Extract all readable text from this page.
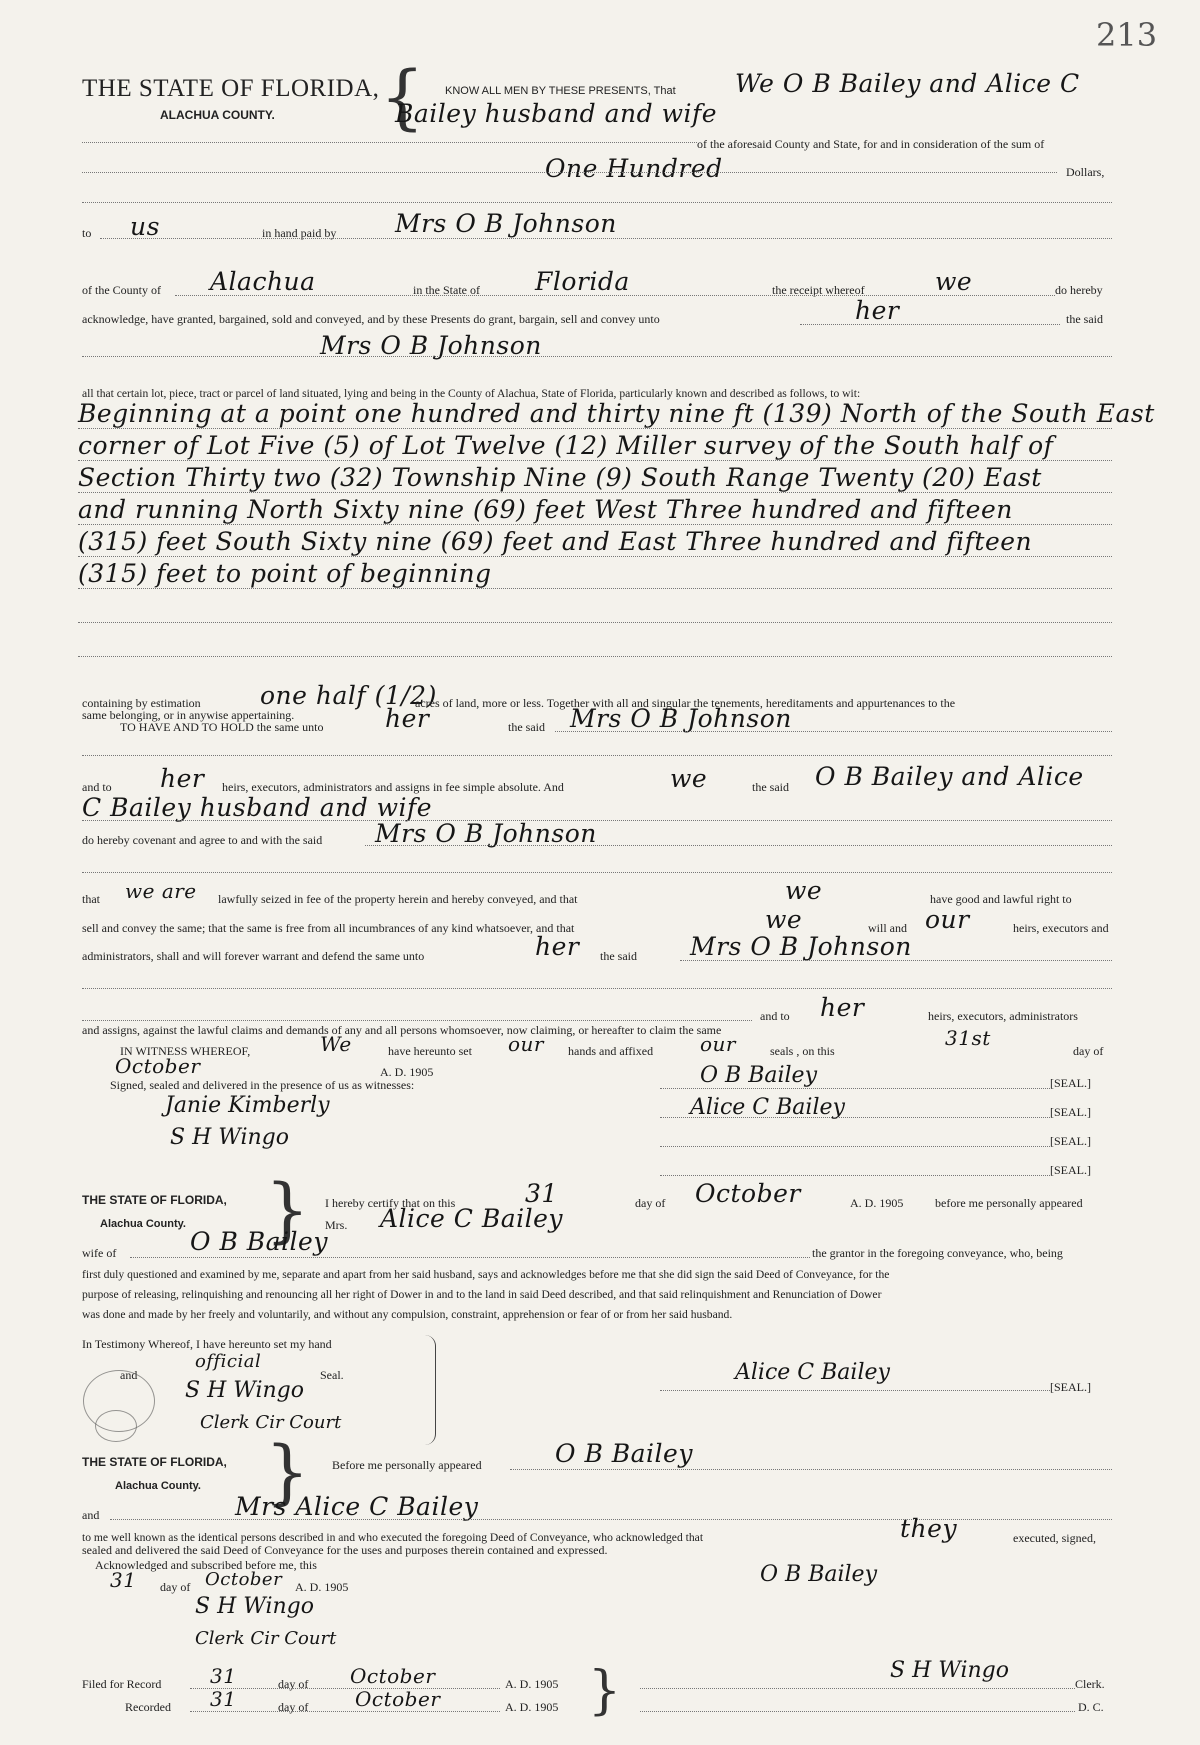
213
THE STATE OF FLORIDA,
ALACHUA COUNTY. { KNOW ALL MEN BY THESE PRESENTS, That We O B Bailey and Alice C
Bailey husband and wife
of the aforesaid County and State, for and in consideration of the sum of
One Hundred	Dollars,
to us	in hand paid by Mrs O B Johnson
of the County of Alachua	in the State of Florida	the receipt whereof	we	do hereby
acknowledge, have granted, bargained, sold and conveyed, and by these Presents do grant, bargain, sell and convey unto	her	the said
Mrs O B Johnson
all that certain lot, piece, tract or parcel of land situated, lying and being in the County of Alachua, State of Florida, particularly known and described as follows, to wit:
Beginning at a point one hundred and thirty nine ft (139) North of the South East
corner of Lot Five (5) of Lot Twelve (12) Miller survey of the South half of
Section Thirty two (32) Township Nine (9) South Range Twenty (20) East
and running North Sixty nine (69) feet West Three hundred and fifteen
(315) feet South Sixty nine (69) feet and East Three hundred and fifteen
(315) feet to point of beginning
containing by estimation one half (1/2)
acres of land, more or less. Together with all and singular the tenements, hereditaments and appurtenances to the
same belonging, or in anywise appertaining.
TO HAVE AND TO HOLD the same unto her	the said Mrs O B Johnson
and to her heirs, executors, administrators and assigns in fee simple absolute. And	we	the said O B Bailey and Alice
C Bailey husband and wife
do hereby covenant and agree to and with the said Mrs O B Johnson
that we are lawfully seized in fee of the property herein and hereby conveyed, and that	we	have good and lawful right to
sell and convey the same; that the same is free from all incumbrances of any kind whatsoever, and that	we	will and our	heirs, executors and
administrators, shall and will forever warrant and defend the same unto	her the said Mrs O B Johnson
and to her	heirs, executors, administrators
and assigns, against the lawful claims and demands of any and all persons whomsoever, now claiming, or hereafter to claim the same
IN WITNESS WHEREOF,	We	have hereunto set our hands and affixed our	seals , on this
31st
day of
October	A. D. 1905
Signed, sealed and delivered in the presence of us as witnesses:
Janie Kimberly
S H Wingo
O B Bailey
Alice C Bailey
[SEAL.]
[SEAL.]
[SEAL.]
[SEAL.]
THE STATE OF FLORIDA,
Alachua County. } I hereby certify that on this	31	day of October	A. D. 1905	before me personally appeared
Mrs. Alice C Bailey
wife of	O B Bailey	the grantor in the foregoing conveyance, who, being
first duly questioned and examined by me, separate and apart from her said husband, says and acknowledges before me that she did sign the said Deed of Conveyance, for the
purpose of releasing, relinquishing and renouncing all her right of Dower in and to the land in said Deed described, and that said relinquishment and Renunciation of Dower
was done and made by her freely and voluntarily, and without any compulsion, constraint, apprehension or fear of or from her said husband.
In Testimony Whereof, I have hereunto set my hand
and
official
Seal.
S H Wingo
Clerk Cir Court
Alice C Bailey
[SEAL.]
THE STATE OF FLORIDA,
Alachua County. } Before me personally appeared	O B Bailey
and	Mrs Alice C Bailey
to me well known as the identical persons described in and who executed the foregoing Deed of Conveyance, who acknowledged that	they	executed, signed,
sealed and delivered the said Deed of Conveyance for the uses and purposes therein contained and expressed.
Acknowledged and subscribed before me, this
31 day of October A. D. 1905
S H Wingo
Clerk Cir Court
O B Bailey
Filed for Record 31	day of October	A. D. 1905
Recorded 31	day of October	A. D. 1905 }	S H Wingo
Clerk.
D. C.
